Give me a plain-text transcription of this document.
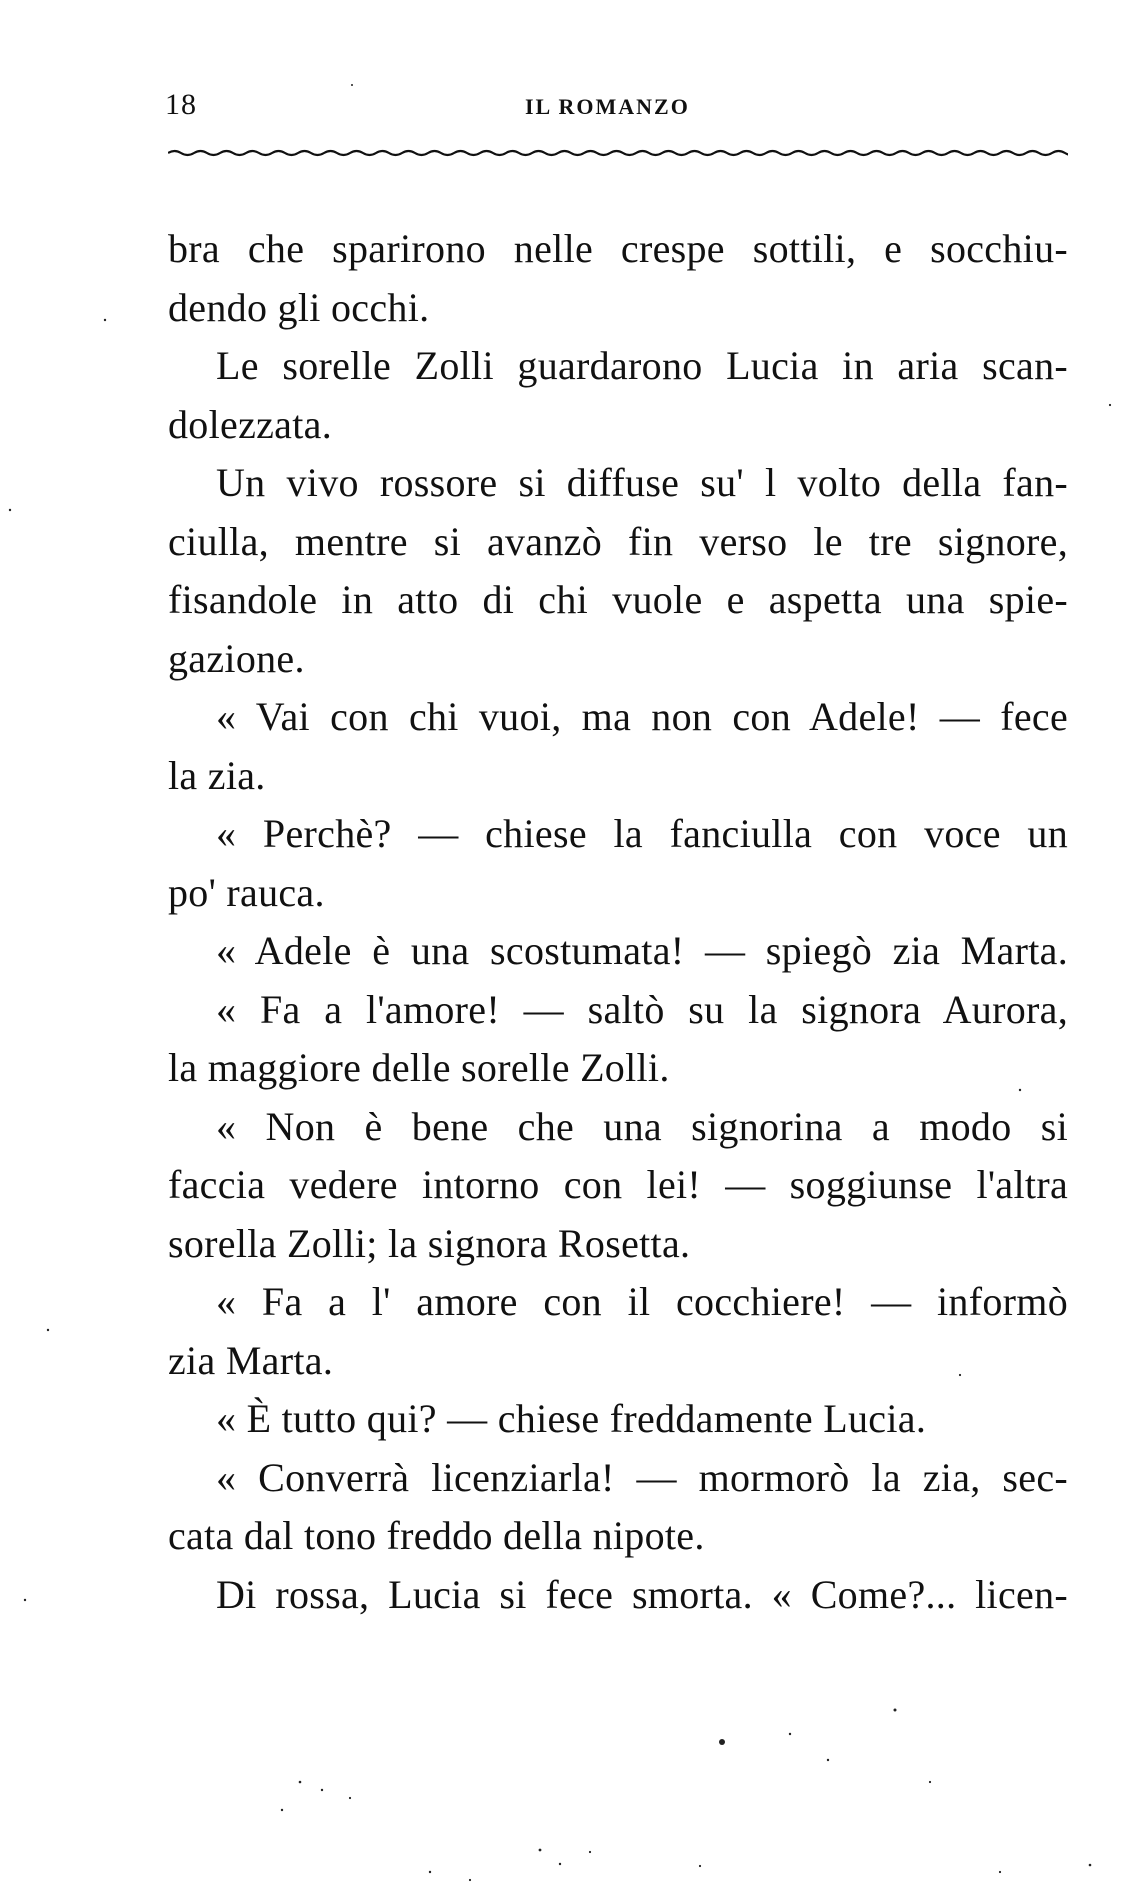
18	IL ROMANZO
bra che sparirono nelle crespe sottili, e socchiu-
dendo gli occhi.
Le sorelle Zolli guardarono Lucia in aria scan-
dolezzata.
Un vivo rossore si diffuse su' l volto della fan-
ciulla, mentre si avanzò fin verso le tre signore,
fisandole in atto di chi vuole e aspetta una spie-
gazione.
« Vai con chi vuoi, ma non con Adele! — fece
la zia.
« Perchè? — chiese la fanciulla con voce un
po' rauca.
« Adele è una scostumata! — spiegò zia Marta.
« Fa a l'amore! — saltò su la signora Aurora,
la maggiore delle sorelle Zolli.
« Non è bene che una signorina a modo si
faccia vedere intorno con lei! — soggiunse l'altra
sorella Zolli; la signora Rosetta.
« Fa a l' amore con il cocchiere! — informò
zia Marta.
« È tutto qui? — chiese freddamente Lucia.
« Converrà licenziarla! — mormorò la zia, sec-
cata dal tono freddo della nipote.
Di rossa, Lucia si fece smorta. « Come?... licen-
